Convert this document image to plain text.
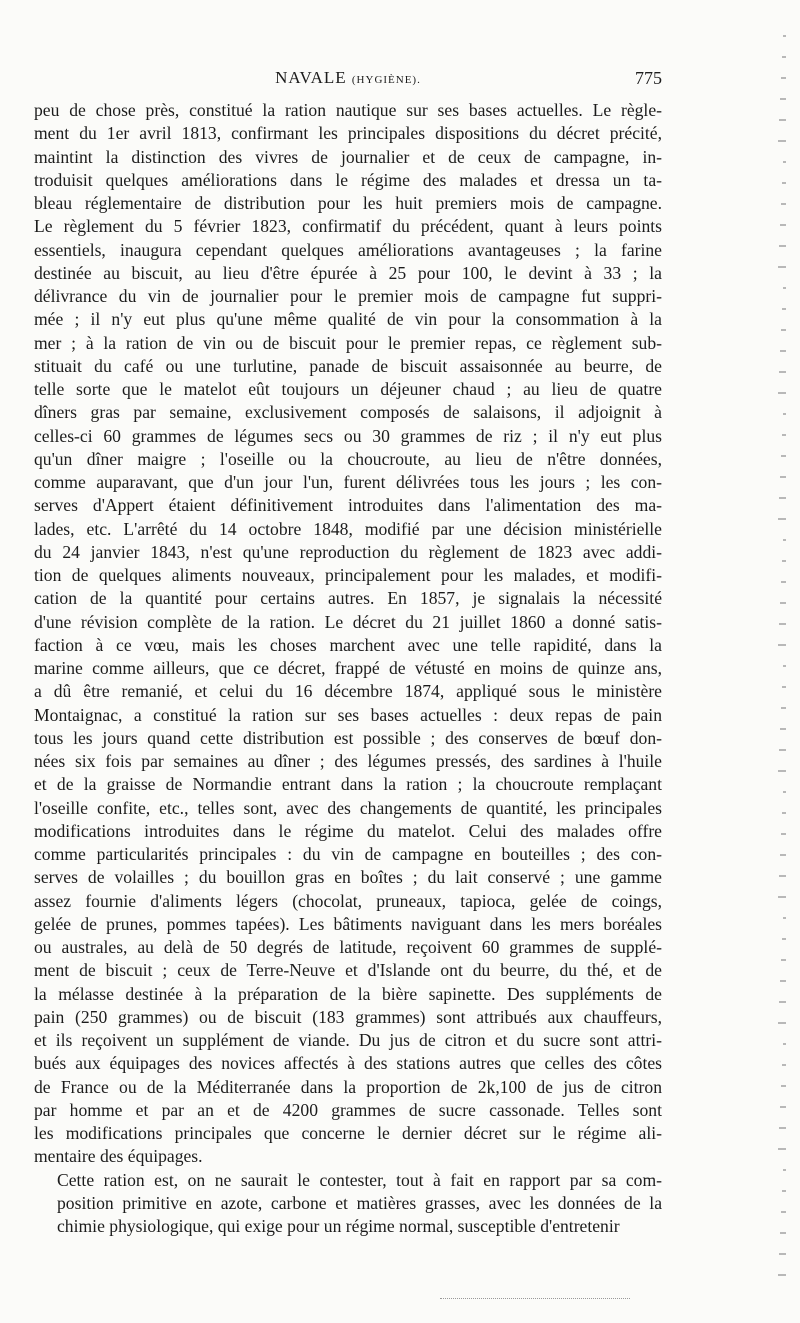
NAVALE (HYGIÈNE).	775

peu de chose près, constitué la ration nautique sur ses bases actuelles. Le règle-
ment du 1er avril 1813, confirmant les principales dispositions du décret précité,
maintint la distinction des vivres de journalier et de ceux de campagne, in-
troduisit quelques améliorations dans le régime des malades et dressa un ta-
bleau réglementaire de distribution pour les huit premiers mois de campagne.
Le règlement du 5 février 1823, confirmatif du précédent, quant à leurs points
essentiels, inaugura cependant quelques améliorations avantageuses ; la farine
destinée au biscuit, au lieu d'être épurée à 25 pour 100, le devint à 33 ; la
délivrance du vin de journalier pour le premier mois de campagne fut suppri-
mée ; il n'y eut plus qu'une même qualité de vin pour la consommation à la
mer ; à la ration de vin ou de biscuit pour le premier repas, ce règlement sub-
stituait du café ou une turlutine, panade de biscuit assaisonnée au beurre, de
telle sorte que le matelot eût toujours un déjeuner chaud ; au lieu de quatre
dîners gras par semaine, exclusivement composés de salaisons, il adjoignit à
celles-ci 60 grammes de légumes secs ou 30 grammes de riz ; il n'y eut plus
qu'un dîner maigre ; l'oseille ou la choucroute, au lieu de n'être données,
comme auparavant, que d'un jour l'un, furent délivrées tous les jours ; les con-
serves d'Appert étaient définitivement introduites dans l'alimentation des ma-
lades, etc. L'arrêté du 14 octobre 1848, modifié par une décision ministérielle
du 24 janvier 1843, n'est qu'une reproduction du règlement de 1823 avec addi-
tion de quelques aliments nouveaux, principalement pour les malades, et modifi-
cation de la quantité pour certains autres. En 1857, je signalais la nécessité
d'une révision complète de la ration. Le décret du 21 juillet 1860 a donné satis-
faction à ce vœu, mais les choses marchent avec une telle rapidité, dans la
marine comme ailleurs, que ce décret, frappé de vétusté en moins de quinze ans,
a dû être remanié, et celui du 16 décembre 1874, appliqué sous le ministère
Montaignac, a constitué la ration sur ses bases actuelles : deux repas de pain
tous les jours quand cette distribution est possible ; des conserves de bœuf don-
nées six fois par semaines au dîner ; des légumes pressés, des sardines à l'huile
et de la graisse de Normandie entrant dans la ration ; la choucroute remplaçant
l'oseille confite, etc., telles sont, avec des changements de quantité, les principales
modifications introduites dans le régime du matelot. Celui des malades offre
comme particularités principales : du vin de campagne en bouteilles ; des con-
serves de volailles ; du bouillon gras en boîtes ; du lait conservé ; une gamme
assez fournie d'aliments légers (chocolat, pruneaux, tapioca, gelée de coings,
gelée de prunes, pommes tapées). Les bâtiments naviguant dans les mers boréales
ou australes, au delà de 50 degrés de latitude, reçoivent 60 grammes de supplé-
ment de biscuit ; ceux de Terre-Neuve et d'Islande ont du beurre, du thé, et de
la mélasse destinée à la préparation de la bière sapinette. Des suppléments de
pain (250 grammes) ou de biscuit (183 grammes) sont attribués aux chauffeurs,
et ils reçoivent un supplément de viande. Du jus de citron et du sucre sont attri-
bués aux équipages des novices affectés à des stations autres que celles des côtes
de France ou de la Méditerranée dans la proportion de 2k,100 de jus de citron
par homme et par an et de 4200 grammes de sucre cassonade. Telles sont
les modifications principales que concerne le dernier décret sur le régime ali-
mentaire des équipages.

Cette ration est, on ne saurait le contester, tout à fait en rapport par sa com-
position primitive en azote, carbone et matières grasses, avec les données de la
chimie physiologique, qui exige pour un régime normal, susceptible d'entretenir
